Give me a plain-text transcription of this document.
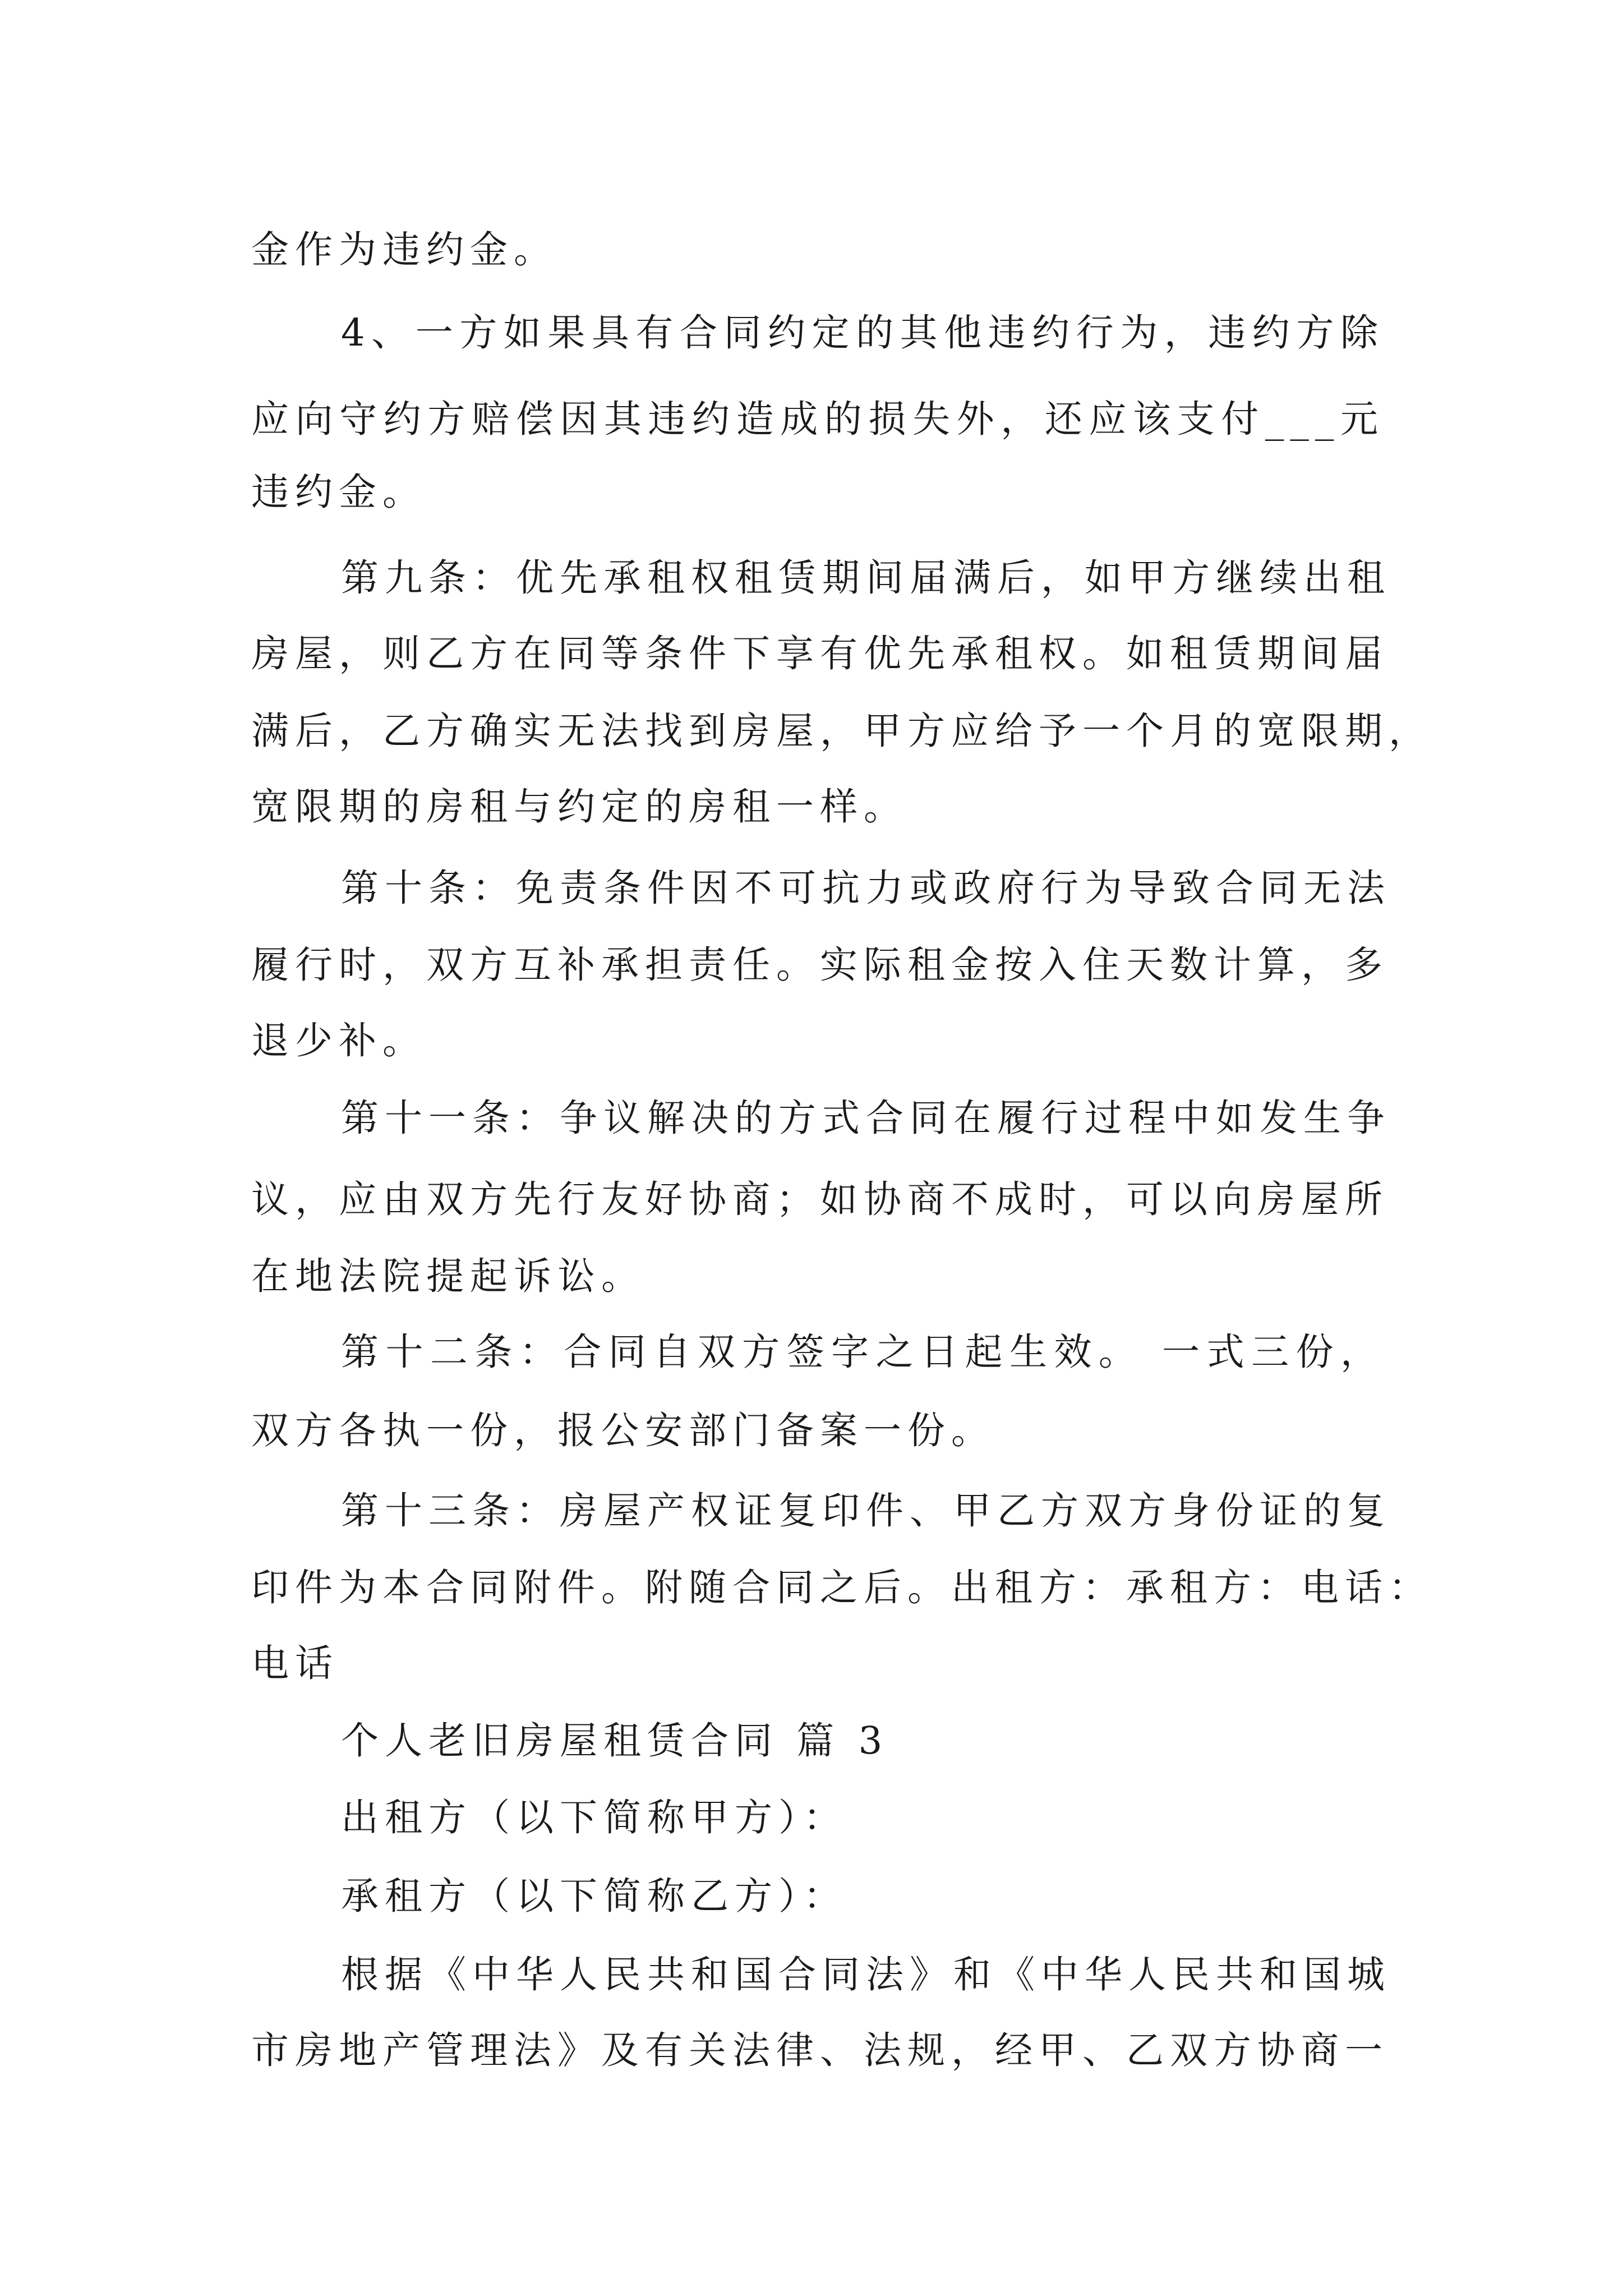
金作为违约金。
4、一方如果具有合同约定的其他违约行为，违约方除
应向守约方赔偿因其违约造成的损失外，还应该支付___元
违约金。
第九条：优先承租权租赁期间届满后，如甲方继续出租
房屋，则乙方在同等条件下享有优先承租权。如租赁期间届
满后，乙方确实无法找到房屋，甲方应给予一个月的宽限期，
宽限期的房租与约定的房租一样。
第十条：免责条件因不可抗力或政府行为导致合同无法
履行时，双方互补承担责任。实际租金按入住天数计算，多
退少补。
第十一条：争议解决的方式合同在履行过程中如发生争
议，应由双方先行友好协商；如协商不成时，可以向房屋所
在地法院提起诉讼。
第十二条：合同自双方签字之日起生效。 一式三份，
双方各执一份，报公安部门备案一份。
第十三条：房屋产权证复印件、甲乙方双方身份证的复
印件为本合同附件。附随合同之后。出租方：承租方：电话：
电话
个人老旧房屋租赁合同 篇 3
出租方（以下简称甲方）：
承租方（以下简称乙方）：
根据《中华人民共和国合同法》和《中华人民共和国城
市房地产管理法》及有关法律、法规，经甲、乙双方协商一
